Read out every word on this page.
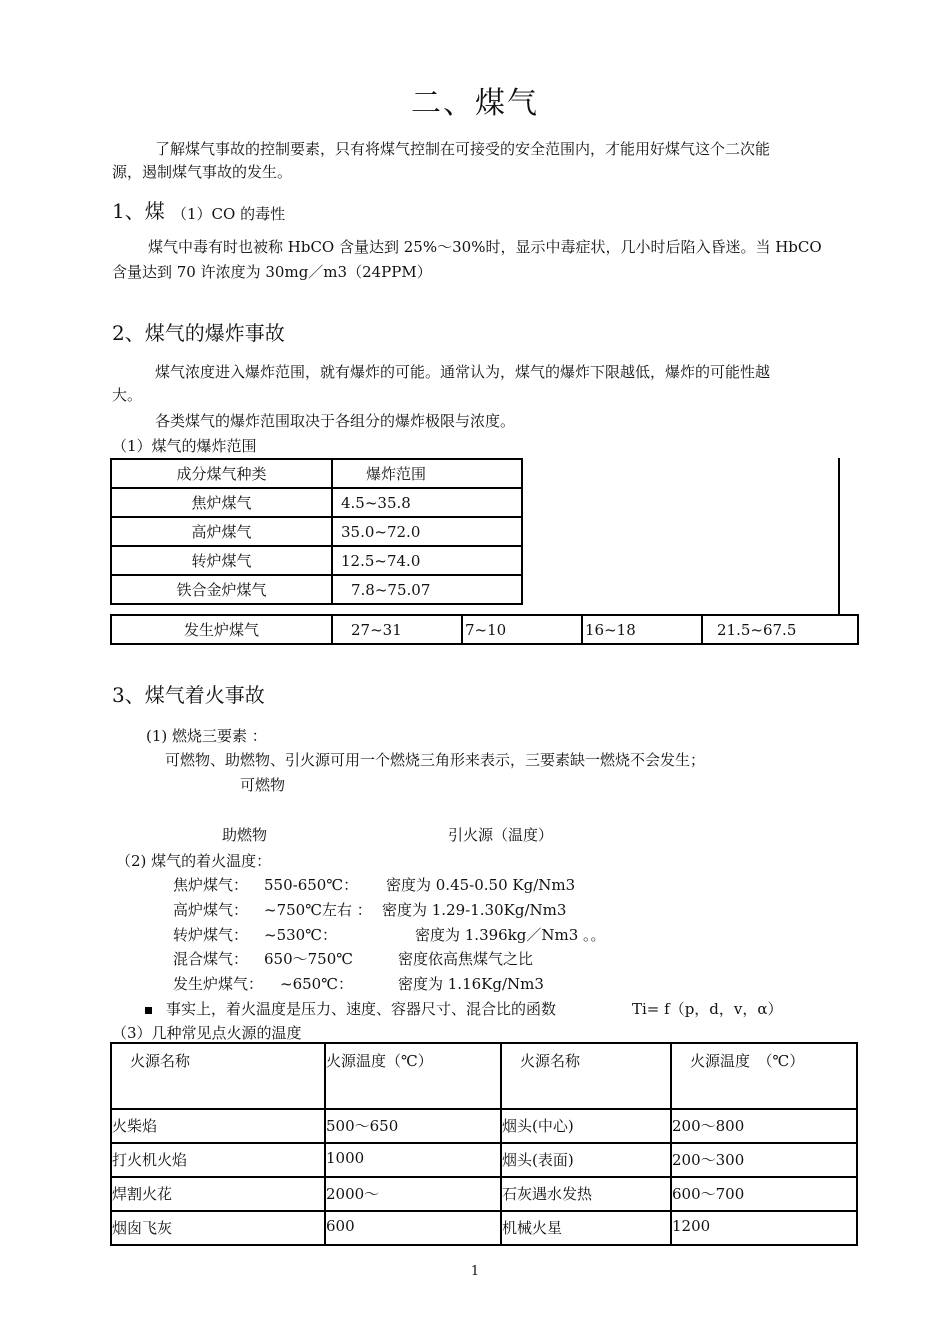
二、煤气
了解煤气事故的控制要素，只有将煤气控制在可接受的安全范围内，才能用好煤气这个二次能
源，遏制煤气事故的发生。
1、煤 （1）CO 的毒性
煤气中毒有时也被称 HbCO 含量达到 25%～30%时，显示中毒症状，几小时后陷入昏迷。当 HbCO
含量达到 70 许浓度为 30mg／m3（24PPM）
2、煤气的爆炸事故
煤气浓度进入爆炸范围，就有爆炸的可能。通常认为，煤气的爆炸下限越低，爆炸的可能性越
大。
各类煤气的爆炸范围取决于各组分的爆炸极限与浓度。
（1）煤气的爆炸范围
成分煤气种类	爆炸范围
焦炉煤气	4.5~35.8
高炉煤气	35.0~72.0
转炉煤气	12.5~74.0
铁合金炉煤气	7.8~75.07
发生炉煤气	27~31	7~10	16~18	21.5~67.5
3、煤气着火事故
(1) 燃烧三要素 ：
可燃物、助燃物、引火源可用一个燃烧三角形来表示，三要素缺一燃烧不会发生；
可燃物
助燃物	引火源（温度）
（2) 煤气的着火温度：
焦炉煤气： 550-650℃： 密度为 0.45-0.50 Kg/Nm3
高炉煤气： ~750℃左右 ： 密度为 1.29-1.30Kg/Nm3
转炉煤气： ~530℃：	密度为 1.396kg／Nm3 。。
混合煤气： 650～750℃	密度依高焦煤气之比
发生炉煤气： ~650℃：	密度为 1.16Kg/Nm3
事实上，着火温度是压力、速度、容器尺寸、混合比的函数	Ti= f（p，d，v，α）
（3）几种常见点火源的温度
火源名称	火源温度（℃）	火源名称	火源温度　（℃）
火柴焰	500～650	烟头(中心)	200～800
打火机火焰	1000	烟头(表面)	200～300
焊割火花	2000～	石灰遇水发热	600～700
烟囱飞灰	600	机械火星	1200
1
